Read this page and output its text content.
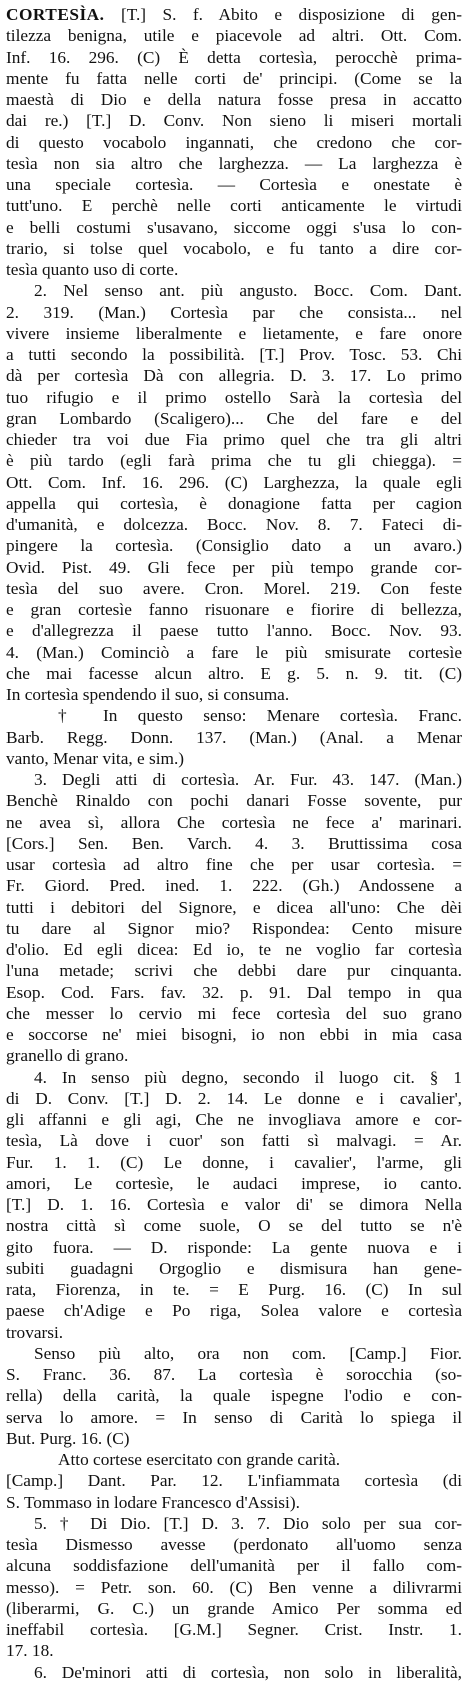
CORTESÌA. [T.] S. f. Abito e disposizione di gen-
tilezza benigna, utile e piacevole ad altri. Ott. Com.
Inf. 16. 296. (C) È detta cortesìa, perocchè prima-
mente fu fatta nelle corti de' principi. (Come se la
maestà di Dio e della natura fosse presa in accatto
dai re.) [T.] D. Conv. Non sieno li miseri mortali
di questo vocabolo ingannati, che credono che cor-
tesìa non sia altro che larghezza. — La larghezza è
una speciale cortesìa. — Cortesìa e onestate è
tutt'uno. E perchè nelle corti anticamente le virtudi
e belli costumi s'usavano, siccome oggi s'usa lo con-
trario, si tolse quel vocabolo, e fu tanto a dire cor-
tesìa quanto uso di corte.
2. Nel senso ant. più angusto. Bocc. Com. Dant.
2. 319. (Man.) Cortesìa par che consista... nel
vivere insieme liberalmente e lietamente, e fare onore
a tutti secondo la possibilità. [T.] Prov. Tosc. 53. Chi
dà per cortesìa Dà con allegria. D. 3. 17. Lo primo
tuo rifugio e il primo ostello Sarà la cortesìa del
gran Lombardo (Scaligero)... Che del fare e del
chieder tra voi due Fia primo quel che tra gli altri
è più tardo (egli farà prima che tu gli chiegga). =
Ott. Com. Inf. 16. 296. (C) Larghezza, la quale egli
appella qui cortesìa, è donagione fatta per cagion
d'umanità, e dolcezza. Bocc. Nov. 8. 7. Fateci di-
pingere la cortesìa. (Consiglio dato a un avaro.)
Ovid. Pist. 49. Gli fece per più tempo grande cor-
tesìa del suo avere. Cron. Morel. 219. Con feste
e gran cortesìe fanno risuonare e fiorire di bellezza,
e d'allegrezza il paese tutto l'anno. Bocc. Nov. 93.
4. (Man.) Cominciò a fare le più smisurate cortesìe
che mai facesse alcun altro. E g. 5. n. 9. tit. (C)
In cortesìa spendendo il suo, si consuma.
† In questo senso: Menare cortesìa. Franc.
Barb. Regg. Donn. 137. (Man.) (Anal. a Menar
vanto, Menar vita, e sim.)
3. Degli atti di cortesìa. Ar. Fur. 43. 147. (Man.)
Benchè Rinaldo con pochi danari Fosse sovente, pur
ne avea sì, allora Che cortesìa ne fece a' marinari.
[Cors.] Sen. Ben. Varch. 4. 3. Bruttissima cosa
usar cortesìa ad altro fine che per usar cortesìa. =
Fr. Giord. Pred. ined. 1. 222. (Gh.) Andossene a
tutti i debitori del Signore, e dicea all'uno: Che dèi
tu dare al Signor mio? Rispondea: Cento misure
d'olio. Ed egli dicea: Ed io, te ne voglio far cortesìa
l'una metade; scrivi che debbi dare pur cinquanta.
Esop. Cod. Fars. fav. 32. p. 91. Dal tempo in qua
che messer lo cervio mi fece cortesìa del suo grano
e soccorse ne' miei bisogni, io non ebbi in mia casa
granello di grano.
4. In senso più degno, secondo il luogo cit. § 1
di D. Conv. [T.] D. 2. 14. Le donne e i cavalier',
gli affanni e gli agi, Che ne invogliava amore e cor-
tesìa, Là dove i cuor' son fatti sì malvagi. = Ar.
Fur. 1. 1. (C) Le donne, i cavalier', l'arme, gli
amori, Le cortesìe, le audaci imprese, io canto.
[T.] D. 1. 16. Cortesìa e valor di' se dimora Nella
nostra città sì come suole, O se del tutto se n'è
gito fuora. — D. risponde: La gente nuova e i
subiti guadagni Orgoglio e dismisura han gene-
rata, Fiorenza, in te. = E Purg. 16. (C) In sul
paese ch'Adige e Po riga, Solea valore e cortesìa
trovarsi.
Senso più alto, ora non com. [Camp.] Fior.
S. Franc. 36. 87. La cortesìa è sorocchia (so-
rella) della carità, la quale ispegne l'odio e con-
serva lo amore. = In senso di Carità lo spiega il
But. Purg. 16. (C)
Atto cortese esercitato con grande carità.
[Camp.] Dant. Par. 12. L'infiammata cortesìa (di
S. Tommaso in lodare Francesco d'Assisi).
5. † Di Dio. [T.] D. 3. 7. Dio solo per sua cor-
tesìa Dismesso avesse (perdonato all'uomo senza
alcuna soddisfazione dell'umanità per il fallo com-
messo). = Petr. son. 60. (C) Ben venne a dilivrarmi
(liberarmi, G. C.) un grande Amico Per somma ed
ineffabil cortesìa. [G.M.] Segner. Crist. Instr. 1.
17. 18.
6. De'minori atti di cortesìa, non solo in liberalità,
